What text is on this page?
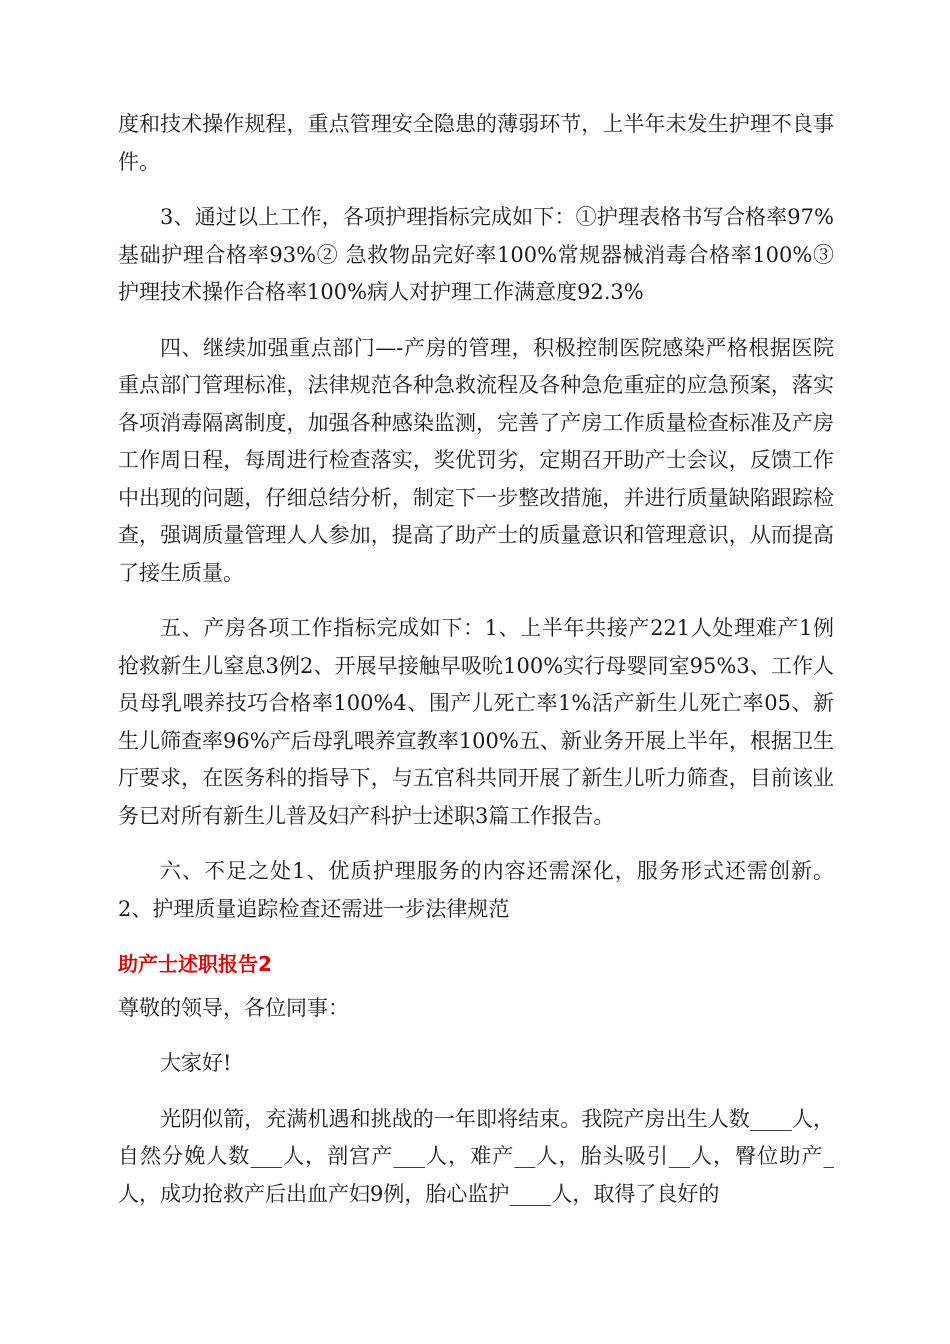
度和技术操作规程，重点管理安全隐患的薄弱环节，上半年未发生护理不良事件。

3、通过以上工作，各项护理指标完成如下：①护理表格书写合格率97%基础护理合格率93%② 急救物品完好率100%常规器械消毒合格率100%③ 护理技术操作合格率100%病人对护理工作满意度92.3%

四、继续加强重点部门—-产房的管理，积极控制医院感染严格根据医院重点部门管理标准，法律规范各种急救流程及各种急危重症的应急预案，落实各项消毒隔离制度，加强各种感染监测，完善了产房工作质量检查标准及产房工作周日程，每周进行检查落实，奖优罚劣，定期召开助产士会议，反馈工作中出现的问题，仔细总结分析，制定下一步整改措施，并进行质量缺陷跟踪检查，强调质量管理人人参加，提高了助产士的质量意识和管理意识，从而提高了接生质量。

五、产房各项工作指标完成如下：1、上半年共接产221人处理难产1例抢救新生儿窒息3例2、开展早接触早吸吮100%实行母婴同室95%3、工作人员母乳喂养技巧合格率100%4、围产儿死亡率1%活产新生儿死亡率05、新生儿筛查率96%产后母乳喂养宣教率100%五、新业务开展上半年，根据卫生厅要求，在医务科的指导下，与五官科共同开展了新生儿听力筛查，目前该业务已对所有新生儿普及妇产科护士述职3篇工作报告。

六、不足之处1、优质护理服务的内容还需深化，服务形式还需创新。2、护理质量追踪检查还需进一步法律规范

助产士述职报告2

尊敬的领导，各位同事：

大家好!

光阴似箭，充满机遇和挑战的一年即将结束。我院产房出生人数____人，自然分娩人数___人，剖宫产___人，难产__人，胎头吸引__人，臀位助产_人，成功抢救产后出血产妇9例，胎心监护____人，取得了良好的
